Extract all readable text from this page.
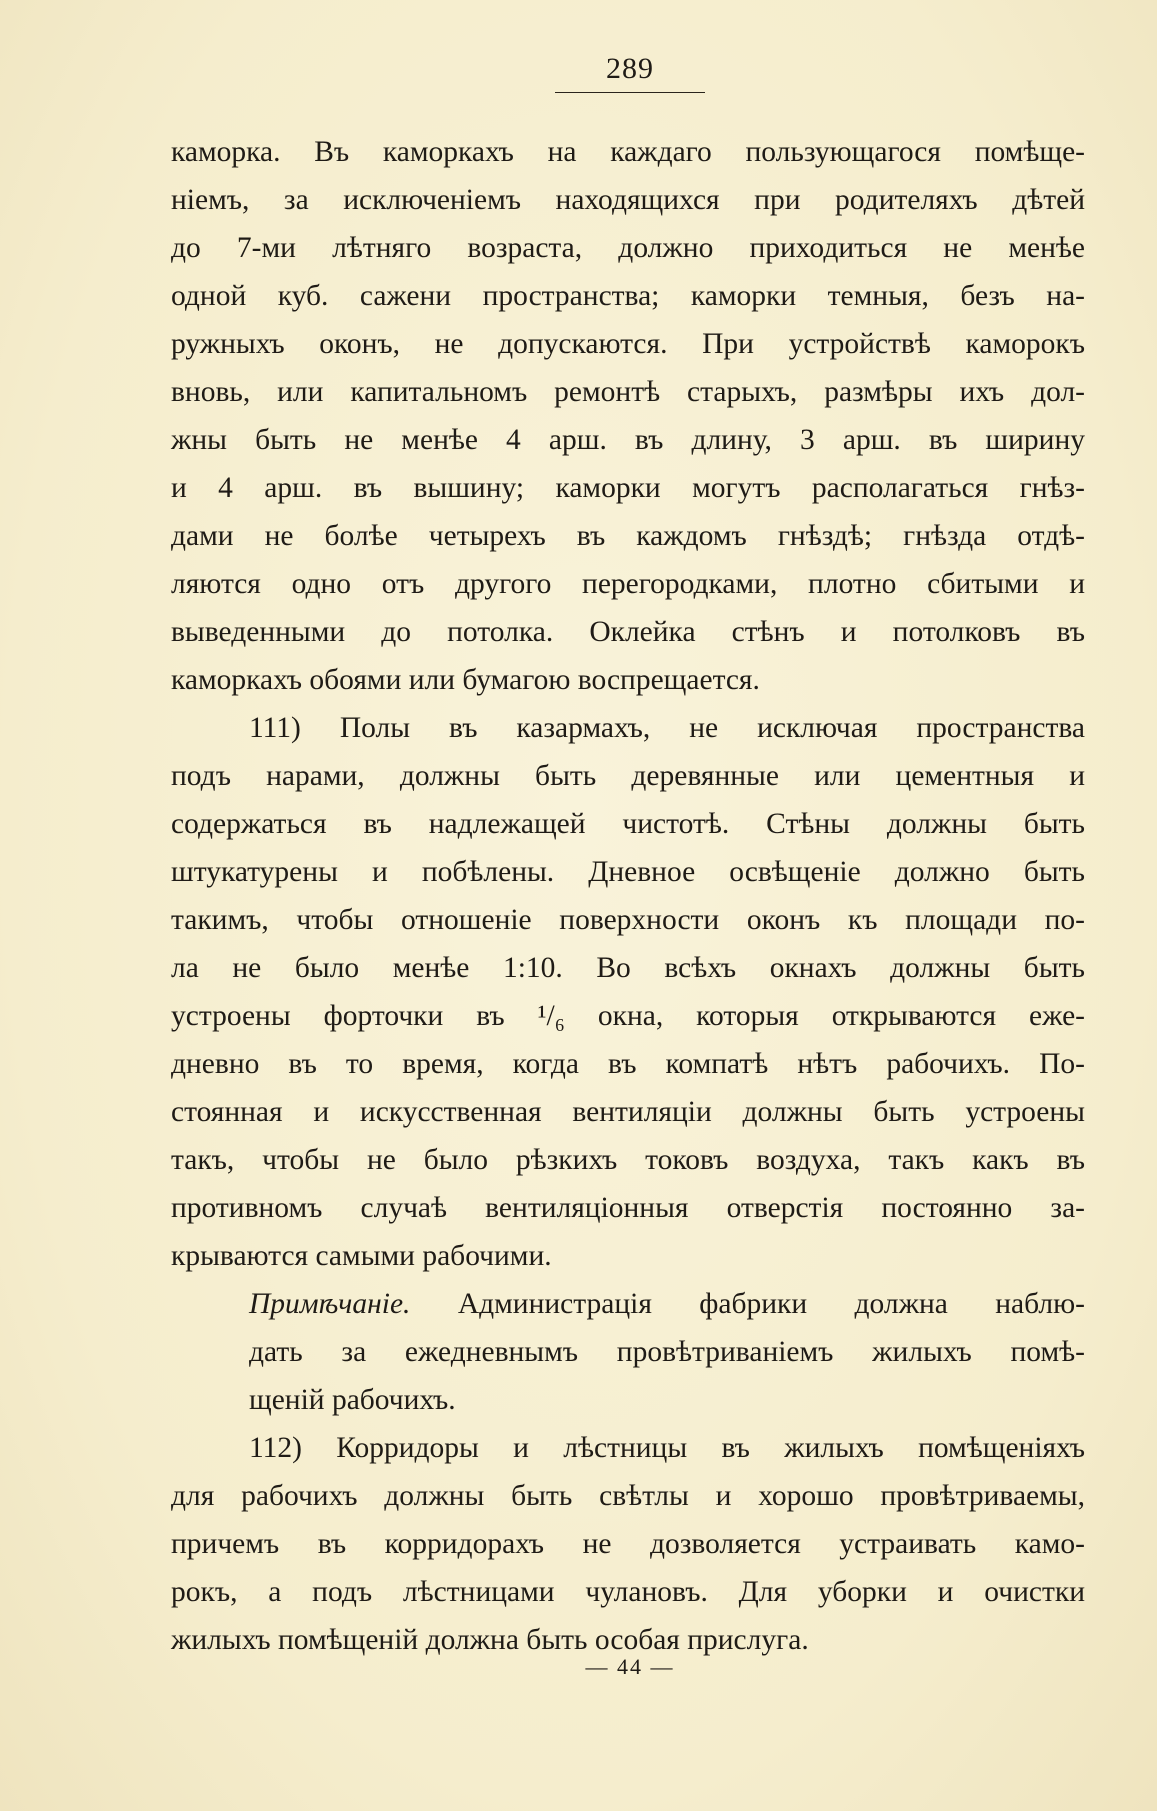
289
каморка. Въ каморкахъ на каждаго пользующагося помѣще-
нiемъ, за исключенiемъ находящихся при родителяхъ дѣтей
до 7-ми лѣтняго возраста, должно приходиться не менѣе
одной куб. сажени пространства; каморки темныя, безъ на-
ружныхъ оконъ, не допускаются. При устройствѣ каморокъ
вновь, или капитальномъ ремонтѣ старыхъ, размѣры ихъ дол-
жны быть не менѣе 4 арш. въ длину, 3 арш. въ ширину
и 4 арш. въ вышину; каморки могутъ располагаться гнѣз-
дами не болѣе четырехъ въ каждомъ гнѣздѣ; гнѣзда отдѣ-
ляются одно отъ другого перегородками, плотно сбитыми и
выведенными до потолка. Оклейка стѣнъ и потолковъ въ
каморкахъ обоями или бумагою воспрещается.
111) Полы въ казармахъ, не исключая пространства
подъ нарами, должны быть деревянные или цементныя и
содержаться въ надлежащей чистотѣ. Стѣны должны быть
штукатурены и побѣлены. Дневное освѣщенiе должно быть
такимъ, чтобы отношенiе поверхности оконъ къ площади по-
ла не было менѣе 1:10. Во всѣхъ окнахъ должны быть
устроены форточки въ ¹/₆ окна, которыя открываются еже-
дневно въ то время, когда въ компатѣ нѣтъ рабочихъ. По-
стоянная и искусственная вентиляцiи должны быть устроены
такъ, чтобы не было рѣзкихъ токовъ воздуха, такъ какъ въ
противномъ случаѣ вентиляцiонныя отверстiя постоянно за-
крываются самыми рабочими.
Примѣчанiе. Администрацiя фабрики должна наблю-
дать за ежедневнымъ провѣтриванiемъ жилыхъ помѣ-
щенiй рабочихъ.
112) Корридоры и лѣстницы въ жилыхъ помѣщенiяхъ
для рабочихъ должны быть свѣтлы и хорошо провѣтриваемы,
причемъ въ корридорахъ не дозволяется устраивать камо-
рокъ, а подъ лѣстницами чулановъ. Для уборки и очистки
жилыхъ помѣщенiй должна быть особая прислуга.
— 44 —
